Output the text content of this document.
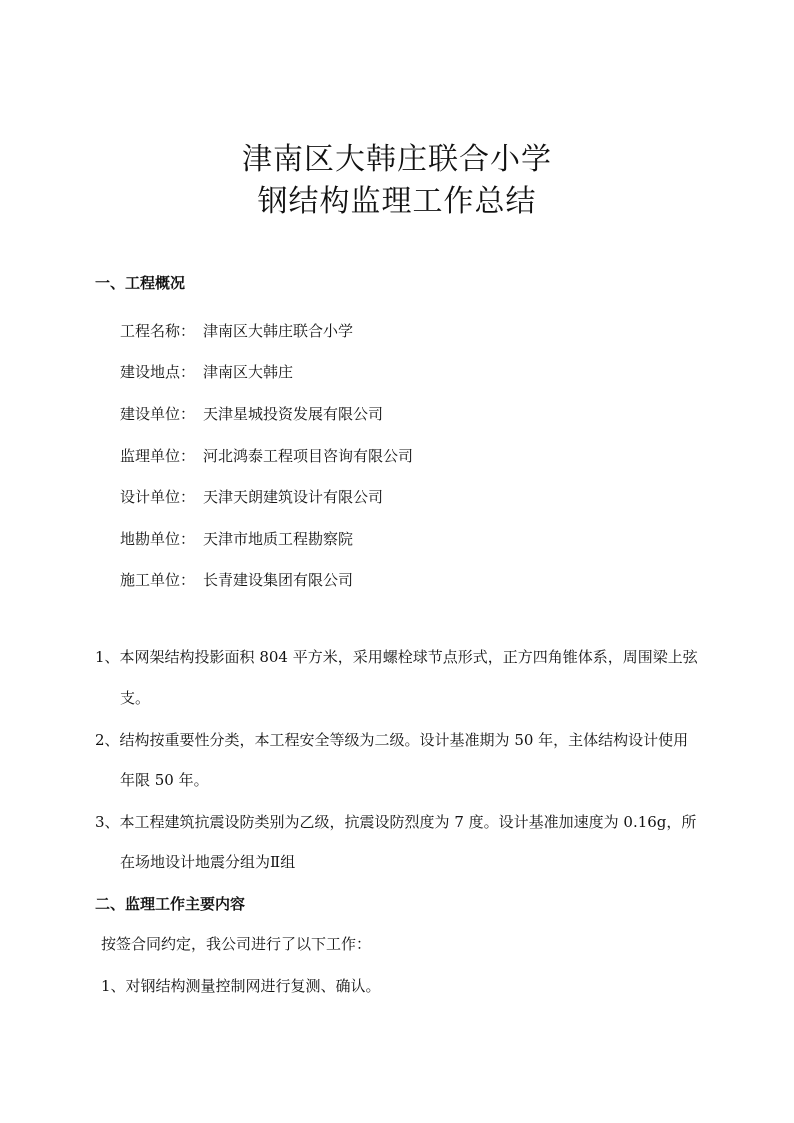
津南区大韩庄联合小学
钢结构监理工作总结
一、工程概况
工程名称： 津南区大韩庄联合小学
建设地点： 津南区大韩庄
建设单位： 天津星城投资发展有限公司
监理单位： 河北鸿泰工程项目咨询有限公司
设计单位： 天津天朗建筑设计有限公司
地勘单位： 天津市地质工程勘察院
施工单位： 长青建设集团有限公司
1、本网架结构投影面积 804 平方米，采用螺栓球节点形式，正方四角锥体系，周围梁上弦
支。
2、结构按重要性分类，本工程安全等级为二级。设计基准期为 50 年，主体结构设计使用
年限 50 年。
3、本工程建筑抗震设防类别为乙级，抗震设防烈度为 7 度。设计基准加速度为 0.16g，所
在场地设计地震分组为Ⅱ组
二、监理工作主要内容
按签合同约定，我公司进行了以下工作：
1、对钢结构测量控制网进行复测、确认。
